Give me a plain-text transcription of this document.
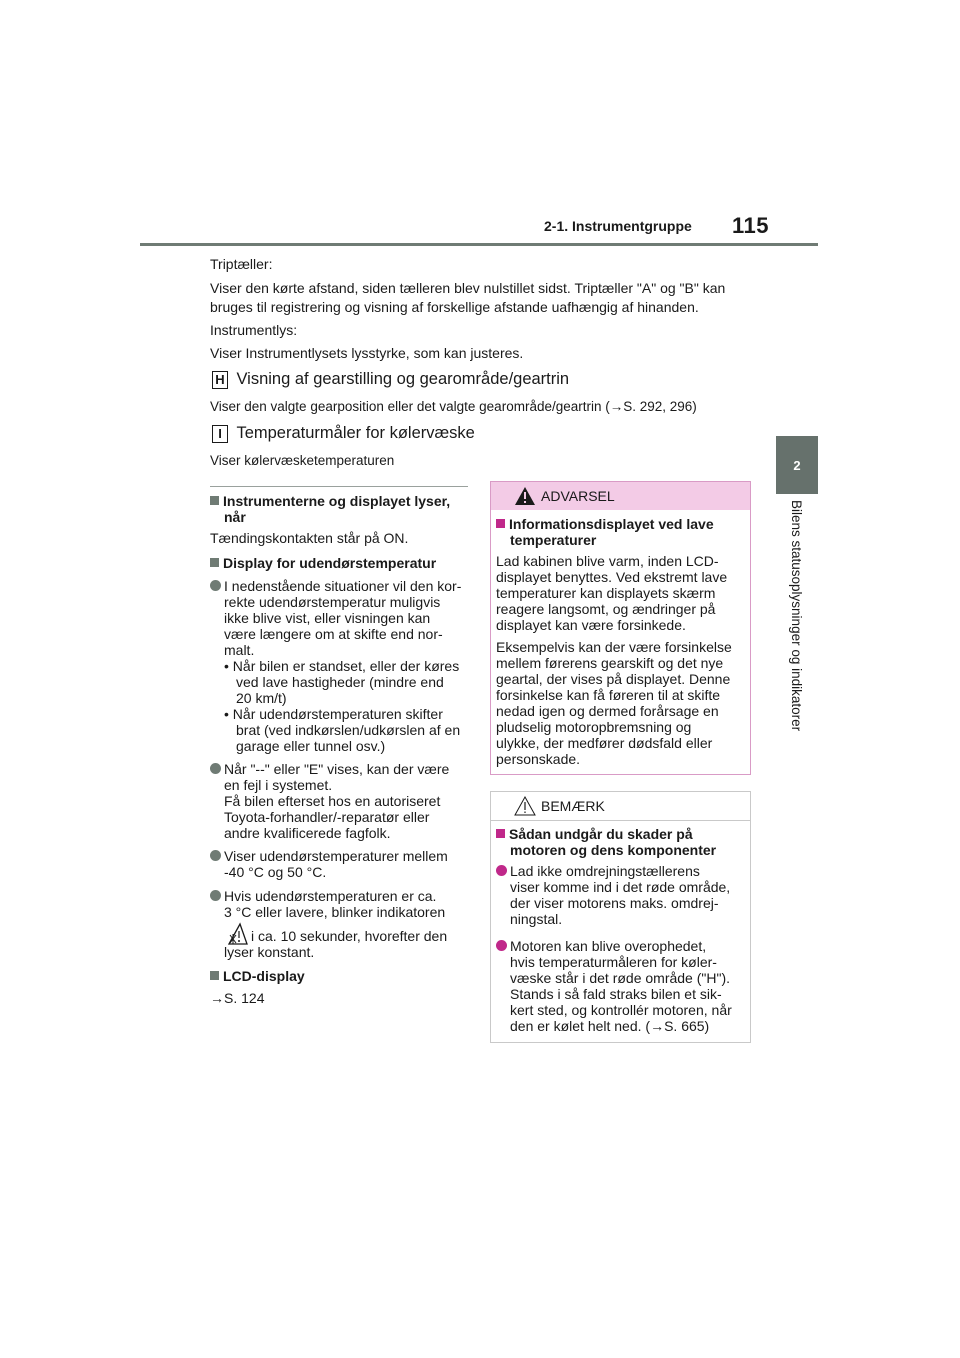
2-1. Instrumentgruppe 115
2
Bilens statusoplysninger og indikatorer
Triptæller:
Viser den kørte afstand, siden tælleren blev nulstillet sidst. Triptæller "A" og "B" kan
bruges til registrering og visning af forskellige afstande uafhængig af hinanden.
Instrumentlys:
Viser Instrumentlysets lysstyrke, som kan justeres.
H Visning af gearstilling og gearområde/geartrin
Viser den valgte gearposition eller det valgte gearområde/geartrin (→S. 292, 296)
I Temperaturmåler for kølervæske
Viser kølervæsketemperaturen
Instrumenterne og displayet lyser,
når
Tændingskontakten står på ON.
Display for udendørstemperatur
I nedenstående situationer vil den kor-
rekte udendørstemperatur muligvis
ikke blive vist, eller visningen kan
være længere om at skifte end nor-
malt.
• Når bilen er standset, eller der køres
ved lave hastigheder (mindre end
20 km/t)
• Når udendørstemperaturen skifter
brat (ved indkørslen/udkørslen af en
garage eller tunnel osv.)
Når "--" eller "E" vises, kan der være
en fejl i systemet.
Få bilen efterset hos en autoriseret
Toyota-forhandler/-reparatør eller
andre kvalificerede fagfolk.
Viser udendørstemperaturer mellem
-40 °C og 50 °C.
Hvis udendørstemperaturen er ca.
3 °C eller lavere, blinker indikatoren
i ca. 10 sekunder, hvorefter den
lyser konstant.
LCD-display
→S. 124
ADVARSEL
Informationsdisplayet ved lave
temperaturer
Lad kabinen blive varm, inden LCD-
displayet benyttes. Ved ekstremt lave
temperaturer kan displayets skærm
reagere langsomt, og ændringer på
displayet kan være forsinkede.
Eksempelvis kan der være forsinkelse
mellem førerens gearskift og det nye
geartal, der vises på displayet. Denne
forsinkelse kan få føreren til at skifte
nedad igen og dermed forårsage en
pludselig motoropbremsning og
ulykke, der medfører dødsfald eller
personskade.
BEMÆRK
Sådan undgår du skader på
motoren og dens komponenter
Lad ikke omdrejningstællerens
viser komme ind i det røde område,
der viser motorens maks. omdrej-
ningstal.
Motoren kan blive overophedet,
hvis temperaturmåleren for køler-
væske står i det røde område ("H").
Stands i så fald straks bilen et sik-
kert sted, og kontrollér motoren, når
den er kølet helt ned. (→S. 665)
